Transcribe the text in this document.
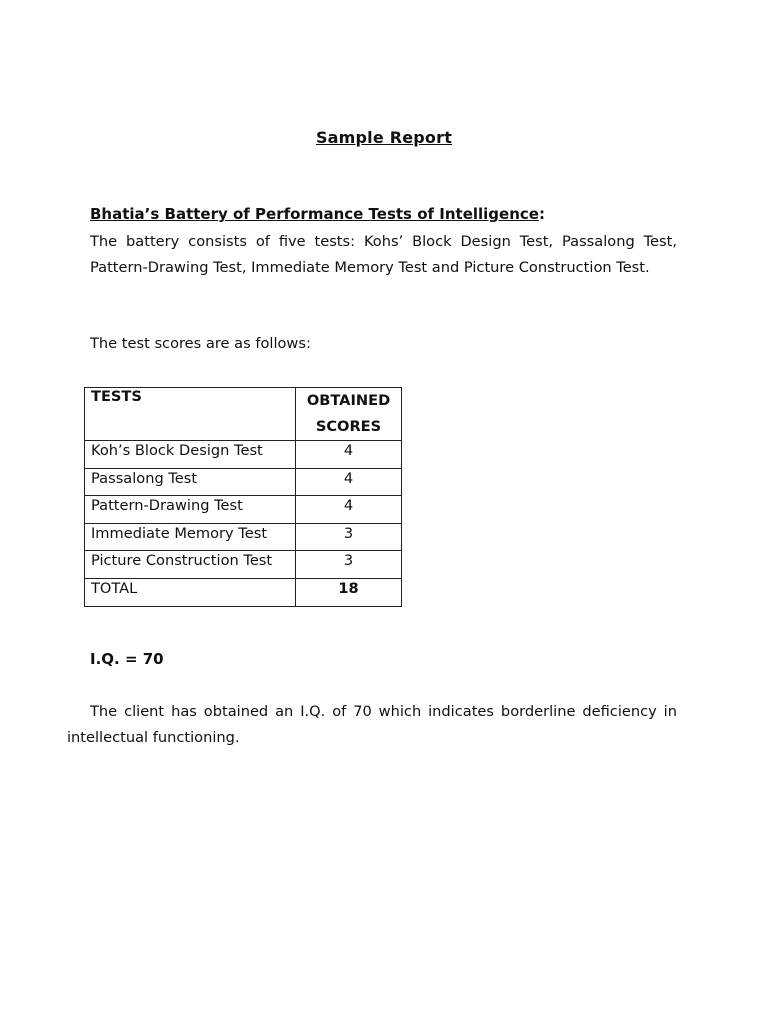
Sample Report
Bhatia’s Battery of Performance Tests of Intelligence:
The battery consists of five tests: Kohs’ Block Design Test, Passalong Test, Pattern-Drawing Test, Immediate Memory Test and Picture Construction Test.
The test scores are as follows:
TESTS	OBTAINED
SCORES
Koh’s Block Design Test	4
Passalong Test	4
Pattern-Drawing Test	4
Immediate Memory Test	3
Picture Construction Test	3
TOTAL	18
I.Q. = 70
The client has obtained an I.Q. of 70 which indicates borderline deficiency in intellectual functioning.
